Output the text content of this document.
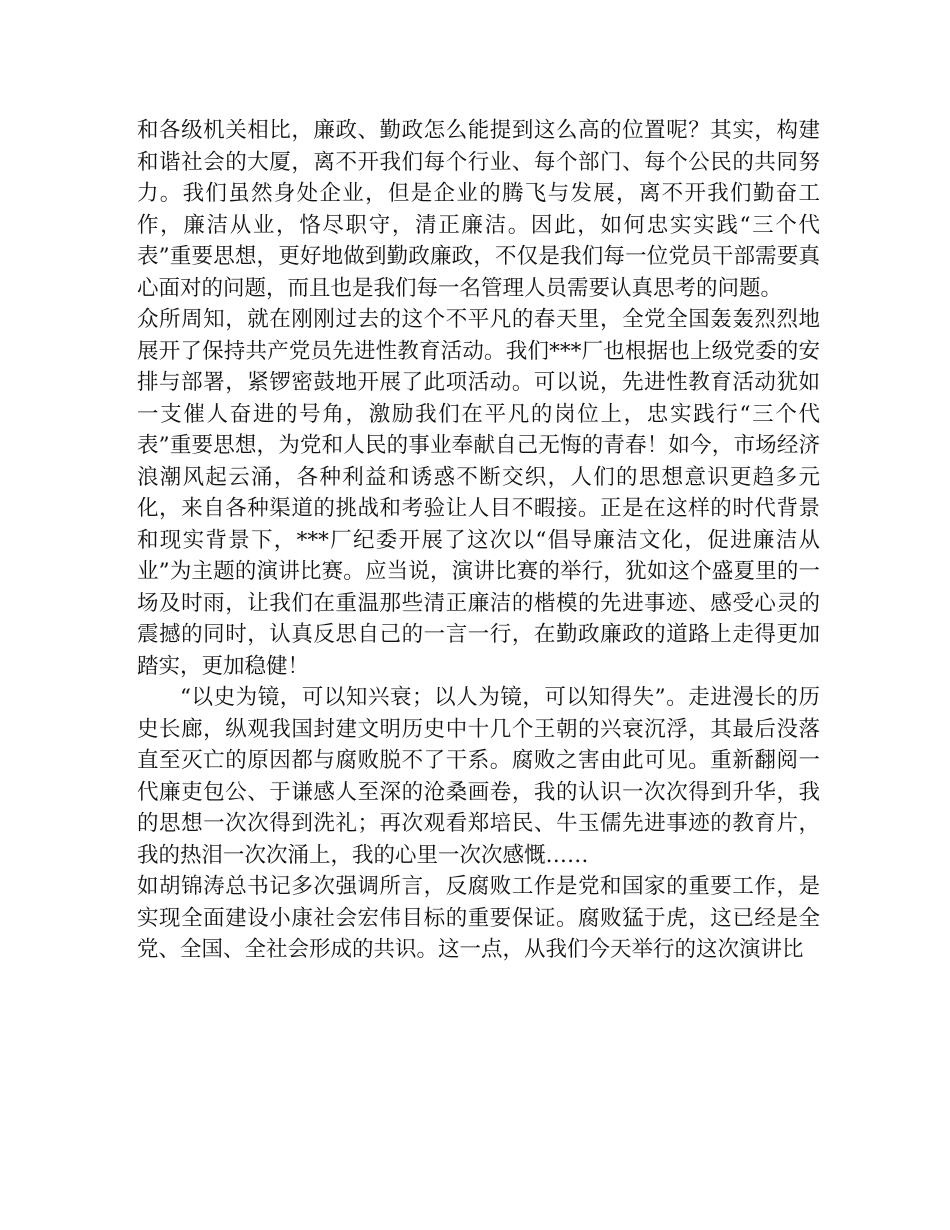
和各级机关相比，廉政、勤政怎么能提到这么高的位置呢？其实，构建和谐社会的大厦，离不开我们每个行业、每个部门、每个公民的共同努力。我们虽然身处企业，但是企业的腾飞与发展，离不开我们勤奋工作，廉洁从业，恪尽职守，清正廉洁。因此，如何忠实实践“三个代表”重要思想，更好地做到勤政廉政，不仅是我们每一位党员干部需要真心面对的问题，而且也是我们每一名管理人员需要认真思考的问题。

众所周知，就在刚刚过去的这个不平凡的春天里，全党全国轰轰烈烈地展开了保持共产党员先进性教育活动。我们***厂也根据也上级党委的安排与部署，紧锣密鼓地开展了此项活动。可以说，先进性教育活动犹如一支催人奋进的号角，激励我们在平凡的岗位上，忠实践行“三个代表”重要思想，为党和人民的事业奉献自己无悔的青春！如今，市场经济浪潮风起云涌，各种利益和诱惑不断交织，人们的思想意识更趋多元化，来自各种渠道的挑战和考验让人目不暇接。正是在这样的时代背景和现实背景下，***厂纪委开展了这次以“倡导廉洁文化，促进廉洁从业”为主题的演讲比赛。应当说，演讲比赛的举行，犹如这个盛夏里的一场及时雨，让我们在重温那些清正廉洁的楷模的先进事迹、感受心灵的震撼的同时，认真反思自己的一言一行，在勤政廉政的道路上走得更加踏实，更加稳健！

“以史为镜，可以知兴衰；以人为镜，可以知得失”。走进漫长的历史长廊，纵观我国封建文明历史中十几个王朝的兴衰沉浮，其最后没落直至灭亡的原因都与腐败脱不了干系。腐败之害由此可见。重新翻阅一代廉吏包公、于谦感人至深的沧桑画卷，我的认识一次次得到升华，我的思想一次次得到洗礼；再次观看郑培民、牛玉儒先进事迹的教育片，我的热泪一次次涌上，我的心里一次次感慨……

如胡锦涛总书记多次强调所言，反腐败工作是党和国家的重要工作，是实现全面建设小康社会宏伟目标的重要保证。腐败猛于虎，这已经是全党、全国、全社会形成的共识。这一点，从我们今天举行的这次演讲比
